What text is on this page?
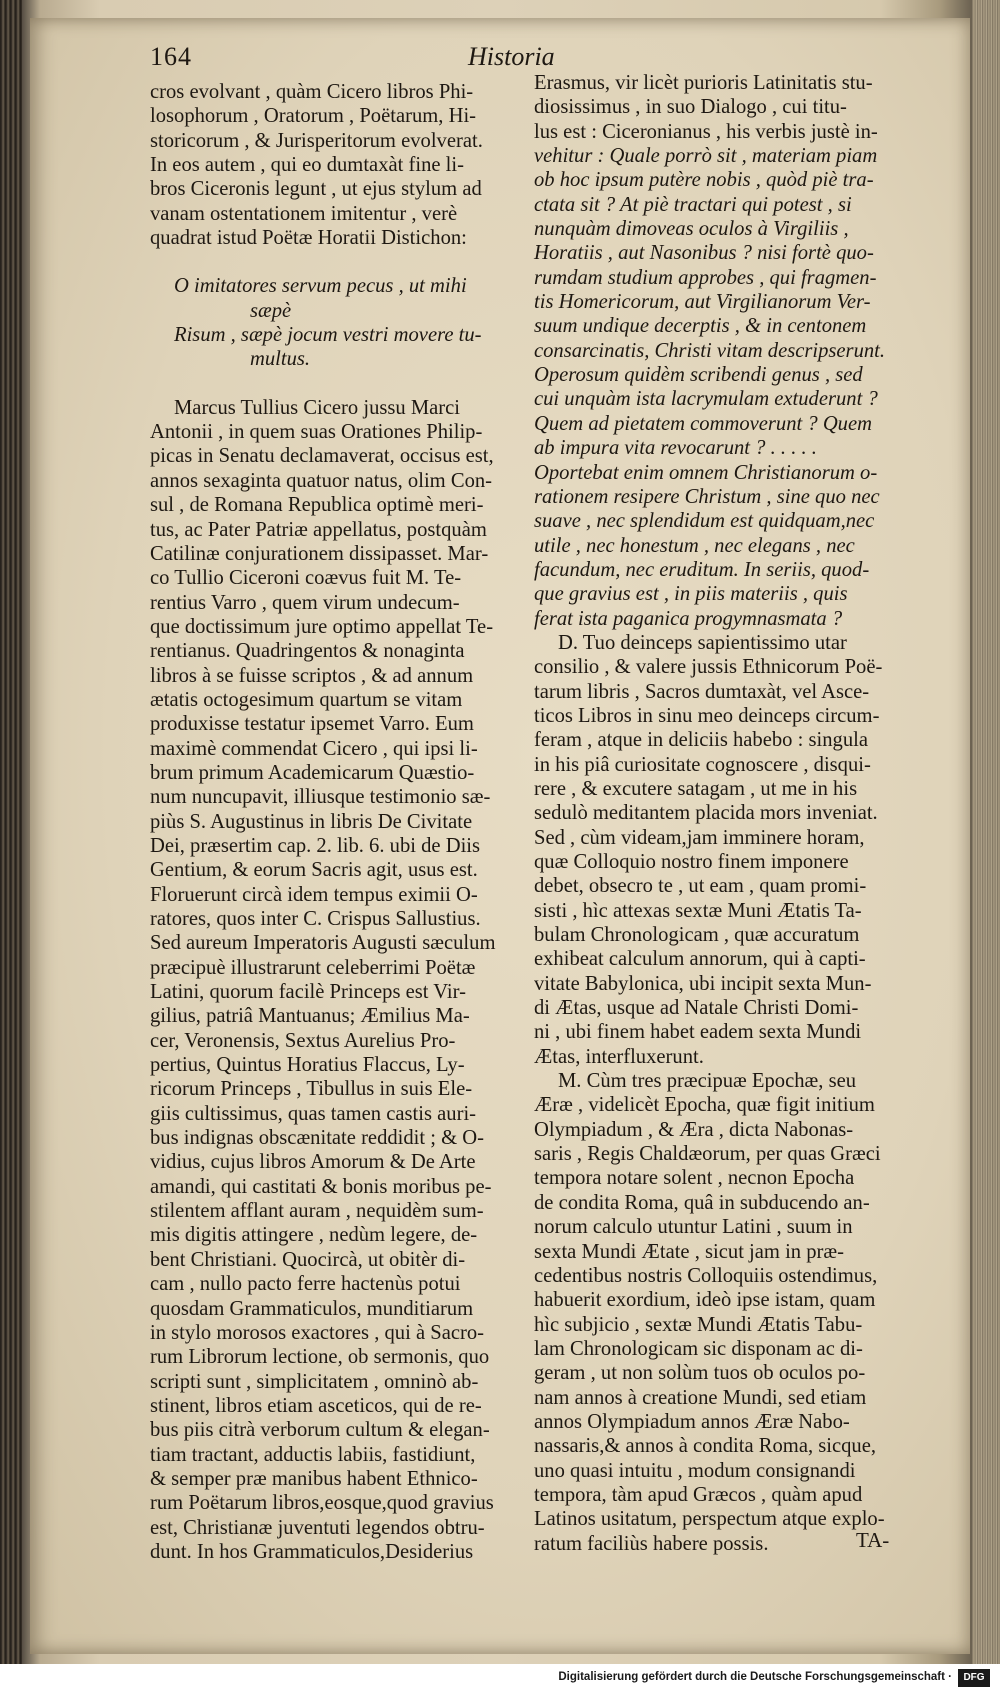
164	Historia
cros evolvant , quàm Cicero libros Phi-
losophorum , Oratorum , Poëtarum, Hi-
storicorum , & Jurisperitorum evolverat.
In eos autem , qui eo dumtaxàt fine li-
bros Ciceronis legunt , ut ejus stylum ad
vanam ostentationem imitentur , verè
quadrat istud Poëtæ Horatii Distichon:
O imitatores servum pecus , ut mihi
sæpè
Risum , sæpè jocum vestri movere tu-
multus.
Marcus Tullius Cicero jussu Marci
Antonii , in quem suas Orationes Philip-
picas in Senatu declamaverat, occisus est,
annos sexaginta quatuor natus, olim Con-
sul , de Romana Republica optimè meri-
tus, ac Pater Patriæ appellatus, postquàm
Catilinæ conjurationem dissipasset. Mar-
co Tullio Ciceroni coævus fuit M. Te-
rentius Varro , quem virum undecum-
que doctissimum jure optimo appellat Te-
rentianus. Quadringentos & nonaginta
libros à se fuisse scriptos , & ad annum
ætatis octogesimum quartum se vitam
produxisse testatur ipsemet Varro. Eum
maximè commendat Cicero , qui ipsi li-
brum primum Academicarum Quæstio-
num nuncupavit, illiusque testimonio sæ-
piùs S. Augustinus in libris De Civitate
Dei, præsertim cap. 2. lib. 6. ubi de Diis
Gentium, & eorum Sacris agit, usus est.
Floruerunt circà idem tempus eximii O-
ratores, quos inter C. Crispus Sallustius.
Sed aureum Imperatoris Augusti sæculum
præcipuè illustrarunt celeberrimi Poëtæ
Latini, quorum facilè Princeps est Vir-
gilius, patriâ Mantuanus; Æmilius Ma-
cer, Veronensis, Sextus Aurelius Pro-
pertius, Quintus Horatius Flaccus, Ly-
ricorum Princeps , Tibullus in suis Ele-
giis cultissimus, quas tamen castis auri-
bus indignas obscænitate reddidit ; & O-
vidius, cujus libros Amorum & De Arte
amandi, qui castitati & bonis moribus pe-
stilentem afflant auram , nequidèm sum-
mis digitis attingere , nedùm legere, de-
bent Christiani. Quocircà, ut obitèr di-
cam , nullo pacto ferre hactenùs potui
quosdam Grammaticulos, munditiarum
in stylo morosos exactores , qui à Sacro-
rum Librorum lectione, ob sermonis, quo
scripti sunt , simplicitatem , omninò ab-
stinent, libros etiam asceticos, qui de re-
bus piis citrà verborum cultum & elegan-
tiam tractant, adductis labiis, fastidiunt,
& semper præ manibus habent Ethnico-
rum Poëtarum libros,eosque,quod gravius
est, Christianæ juventuti legendos obtru-
dunt. In hos Grammaticulos,Desiderius
Erasmus, vir licèt purioris Latinitatis stu-
diosissimus , in suo Dialogo , cui titu-
lus est : Ciceronianus , his verbis justè in-
vehitur : Quale porrò sit , materiam piam
ob hoc ipsum putère nobis , quòd piè tra-
ctata sit ? At piè tractari qui potest , si
nunquàm dimoveas oculos à Virgiliis ,
Horatiis , aut Nasonibus ? nisi fortè quo-
rumdam studium approbes , qui fragmen-
tis Homericorum, aut Virgilianorum Ver-
suum undique decerptis , & in centonem
consarcinatis, Christi vitam descripserunt.
Operosum quidèm scribendi genus , sed
cui unquàm ista lacrymulam extuderunt ?
Quem ad pietatem commoverunt ? Quem
ab impura vita revocarunt ? . . . . .
Oportebat enim omnem Christianorum o-
rationem resipere Christum , sine quo nec
suave , nec splendidum est quidquam,nec
utile , nec honestum , nec elegans , nec
facundum, nec eruditum. In seriis, quod-
que gravius est , in piis materiis , quis
ferat ista paganica progymnasmata ?
D. Tuo deinceps sapientissimo utar
consilio , & valere jussis Ethnicorum Poë-
tarum libris , Sacros dumtaxàt, vel Asce-
ticos Libros in sinu meo deinceps circum-
feram , atque in deliciis habebo : singula
in his piâ curiositate cognoscere , disqui-
rere , & excutere satagam , ut me in his
sedulò meditantem placida mors inveniat.
Sed , cùm videam,jam imminere horam,
quæ Colloquio nostro finem imponere
debet, obsecro te , ut eam , quam promi-
sisti , hìc attexas sextæ Muni Ætatis Ta-
bulam Chronologicam , quæ accuratum
exhibeat calculum annorum, qui à capti-
vitate Babylonica, ubi incipit sexta Mun-
di Ætas, usque ad Natale Christi Domi-
ni , ubi finem habet eadem sexta Mundi
Ætas, interfluxerunt.
M. Cùm tres præcipuæ Epochæ, seu
Æræ , videlicèt Epocha, quæ figit initium
Olympiadum , & Æra , dicta Nabonas-
saris , Regis Chaldæorum, per quas Græci
tempora notare solent , necnon Epocha
de condita Roma, quâ in subducendo an-
norum calculo utuntur Latini , suum in
sexta Mundi Ætate , sicut jam in præ-
cedentibus nostris Colloquiis ostendimus,
habuerit exordium, ideò ipse istam, quam
hìc subjicio , sextæ Mundi Ætatis Tabu-
lam Chronologicam sic disponam ac di-
geram , ut non solùm tuos ob oculos po-
nam annos à creatione Mundi, sed etiam
annos Olympiadum annos Æræ Nabo-
nassaris,& annos à condita Roma, sicque,
uno quasi intuitu , modum consignandi
tempora, tàm apud Græcos , quàm apud
Latinos usitatum, perspectum atque explo-
ratum faciliùs habere possis.	TA-
Digitalisierung gefördert durch die Deutsche Forschungsgemeinschaft ·	DFG
